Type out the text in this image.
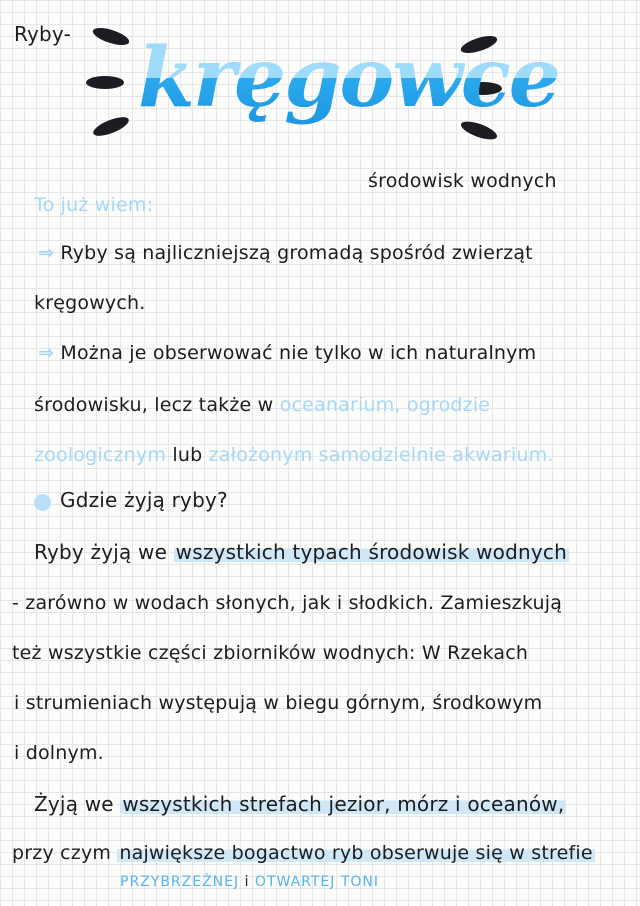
Ryby- kręgowce
środowisk wodnych
To już wiem:
⇒ Ryby są najliczniejszą gromadą spośród zwierząt
kręgowych.
⇒ Można je obserwować nie tylko w ich naturalnym
środowisku, lecz także w oceanarium, ogrodzie
zoologicznym lub założonym samodzielnie akwarium.
Gdzie żyją ryby?
Ryby żyją we wszystkich typach środowisk wodnych
- zarówno w wodach słonych, jak i słodkich. Zamieszkują
też wszystkie części zbiorników wodnych: W Rzekach
i strumieniach występują w biegu górnym, środkowym
i dolnym.
Żyją we wszystkich strefach jezior, mórz i oceanów,
przy czym największe bogactwo ryb obserwuje się w strefie
PRZYBRZEŻNEJ i OTWARTEJ TONI
